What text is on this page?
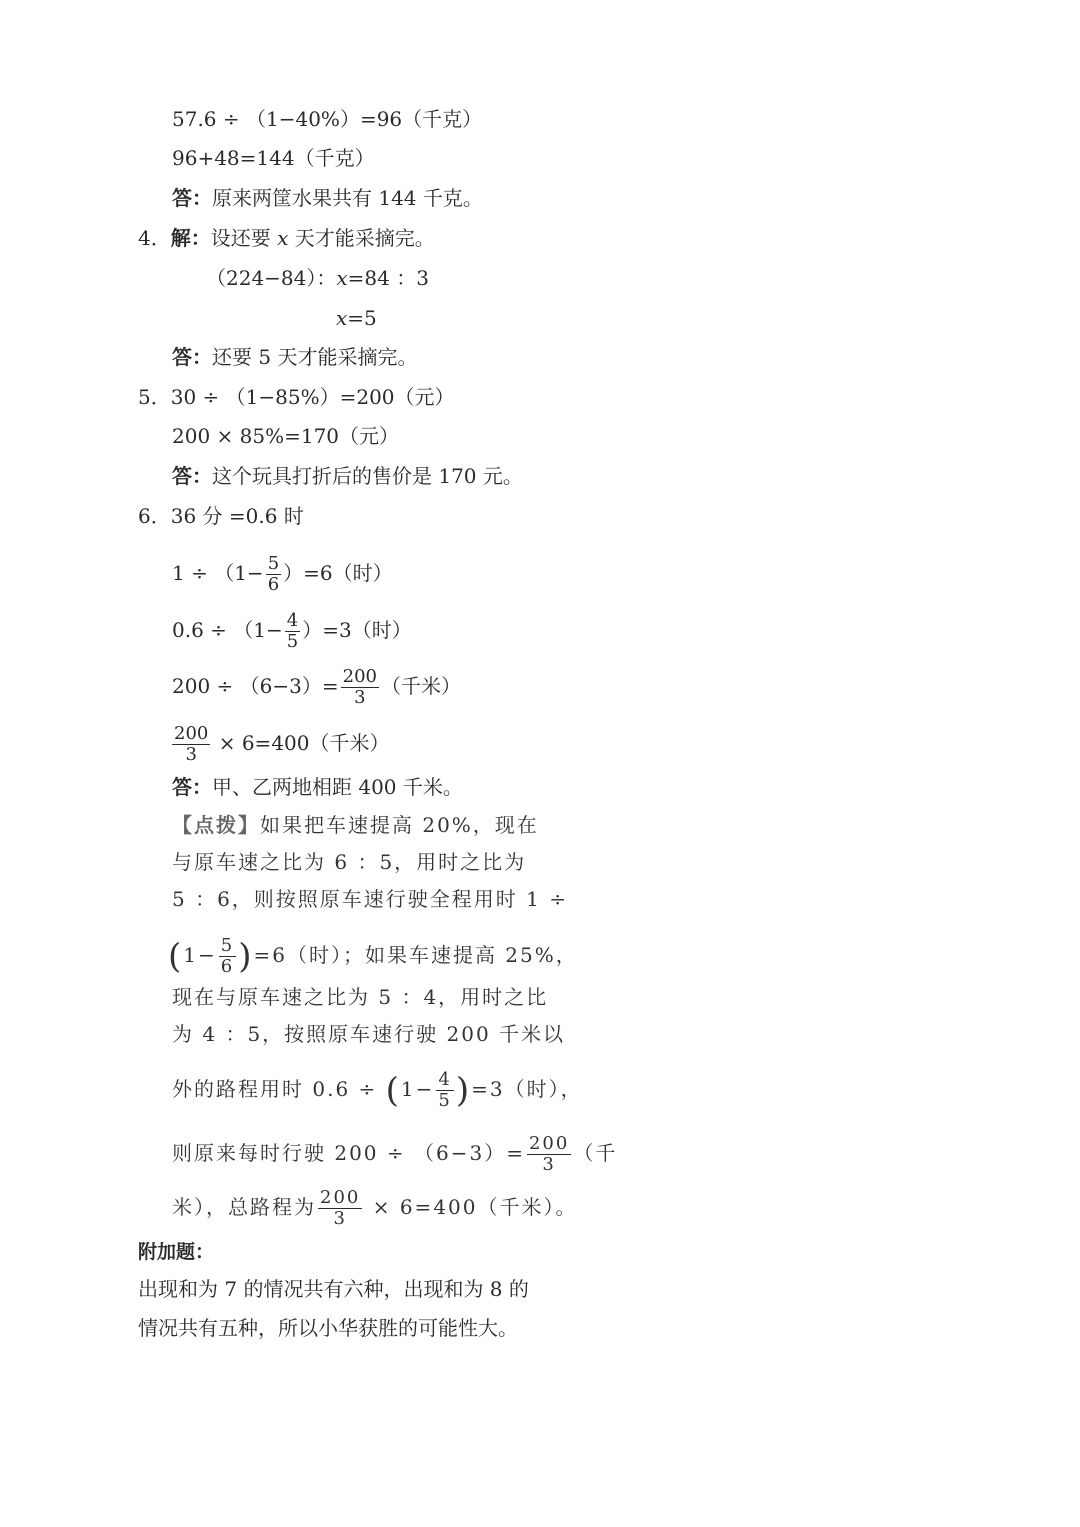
57.6 ÷ （1−40%）=96（千克）
96+48=144（千克）
答：原来两筐水果共有 144 千克。
4．解：设还要 x 天才能采摘完。
（224−84）：x=84 ：3
x=5
答：还要 5 天才能采摘完。
5．30 ÷ （1−85%）=200（元）
200 × 85%=170（元）
答：这个玩具打折后的售价是 170 元。
6．36 分 =0.6 时
$1 \div (1- \frac{5}{6} )=6$（时）
$0.6 \div (1- \frac{4}{5} )=3$（时）
$200 \div (6-3)= \frac{200}{3}$ （千米）
$\frac{200}{3} \times 6=400$（千米）
答：甲、乙两地相距 400 千米。
【点拨】如果把车速提高 20%，现在
与原车速之比为 6 ：5，用时之比为
5 ：6，则按照原车速行驶全程用时 1 ÷
$(1- \frac{5}{6} )=6$（时）；如果车速提高 25%，
现在与原车速之比为 5 ：4，用时之比
为 4 ：5，按照原车速行驶 200 千米以
外的路程用时 $0.6 \div (1- \frac{4}{5} )=3$（时），
则原来每时行驶 $200 \div (6-3)= \frac{200}{3}$ （千
米），总路程为 $\frac{200}{3} \times 6=400$（千米）。
附加题：
出现和为 7 的情况共有六种，出现和为 8 的
情况共有五种，所以小华获胜的可能性大。
